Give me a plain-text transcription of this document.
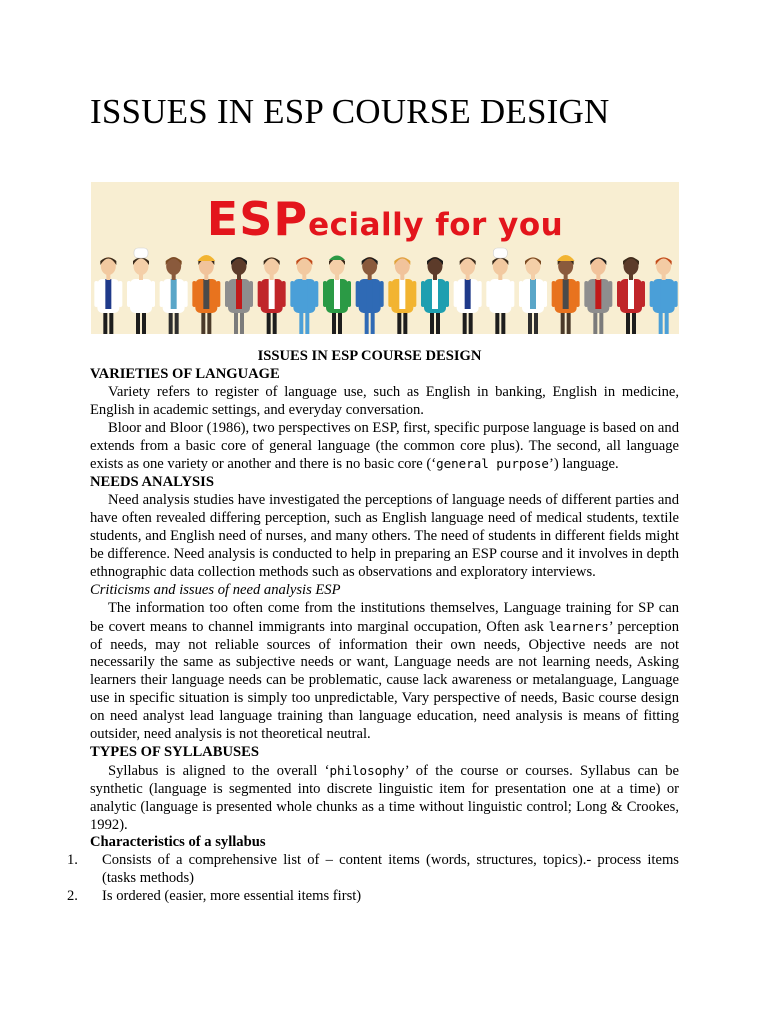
ISSUES IN ESP COURSE DESIGN
ESPecially for you
ISSUES IN ESP COURSE DESIGN
VARIETIES OF LANGUAGE

Variety refers to register of language use, such as English in banking, English in medicine, English in academic settings, and everyday conversation.

Bloor and Bloor (1986), two perspectives on ESP, first, specific purpose language is based on and extends from a basic core of general language (the common core plus). The second, all language exists as one variety or another and there is no basic core (‘general purpose’) language.

NEEDS ANALYSIS

Need analysis studies have investigated the perceptions of language needs of different parties and have often revealed differing perception, such as English language need of medical students, textile students, and English need of nurses, and many others. The need of students in different fields might be difference. Need analysis is conducted to help in preparing an ESP course and it involves in depth ethnographic data collection methods such as observations and exploratory interviews.

Criticisms and issues of need analysis ESP

The information too often come from the institutions themselves, Language training for SP can be covert means to channel immigrants into marginal occupation, Often ask learners’ perception of needs, may not reliable sources of information their own needs, Objective needs are not necessarily the same as subjective needs or want, Language needs are not learning needs, Asking learners their language needs can be problematic, cause lack awareness or metalanguage, Language use in specific situation is simply too unpredictable, Vary perspective of needs, Basic course design on need analyst lead language training than language education, need analysis is means of fitting outsider, need analysis is not theoretical neutral.

TYPES OF SYLLABUSES

Syllabus is aligned to the overall ‘philosophy’ of the course or courses. Syllabus can be synthetic (language is segmented into discrete linguistic item for presentation one at a time) or analytic (language is presented whole chunks as a time without linguistic control; Long & Crookes, 1992).

Characteristics of a syllabus
1. Consists of a comprehensive list of – content items (words, structures, topics).- process items (tasks methods)
2. Is ordered (easier, more essential items first)
